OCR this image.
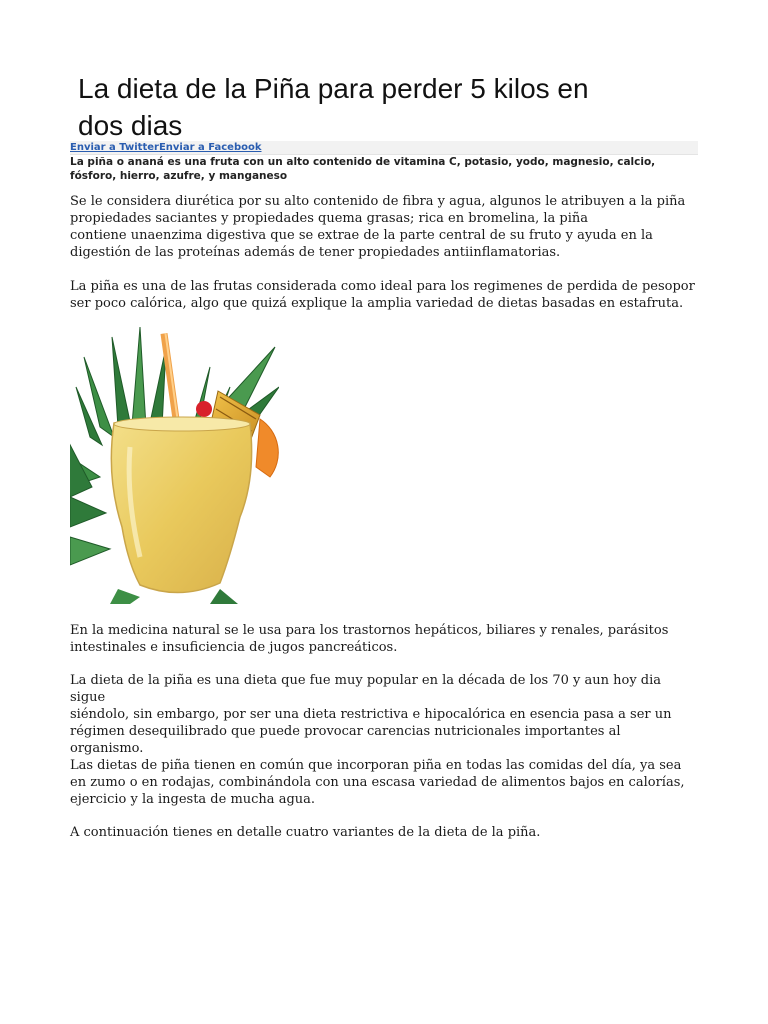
La dieta de la Piña para perder 5 kilos en dos dias
Enviar a TwitterEnviar a Facebook

La piña o ananá es una fruta con un alto contenido de vitamina C, potasio, yodo, magnesio, calcio, fósforo, hierro, azufre, y manganeso

Se le considera diurética por su alto contenido de fibra y agua, algunos le atribuyen a la piña
propiedades saciantes y propiedades quema grasas; rica en bromelina, la piña
contiene unaenzima digestiva que se extrae de la parte central de su fruto y ayuda en la
digestión de las proteínas además de tener propiedades antiinflamatorias.

La piña es una de las frutas considerada como ideal para los regimenes de perdida de pesopor
ser poco calórica, algo que quizá explique la amplia variedad de dietas basadas en estafruta.

En la medicina natural se le usa para los trastornos hepáticos, biliares y renales, parásitos
intestinales e insuficiencia de jugos pancreáticos.

La dieta de la piña es una dieta que fue muy popular en la década de los 70 y aun hoy dia sigue
siéndolo, sin embargo, por ser una dieta restrictiva e hipocalórica en esencia pasa a ser un
régimen desequilibrado que puede provocar carencias nutricionales importantes al
organismo.

Las dietas de piña tienen en común que incorporan piña en todas las comidas del día, ya sea
en zumo o en rodajas, combinándola con una escasa variedad de alimentos bajos en calorías,
ejercicio y la ingesta de mucha agua.

A continuación tienes en detalle cuatro variantes de la dieta de la piña.
